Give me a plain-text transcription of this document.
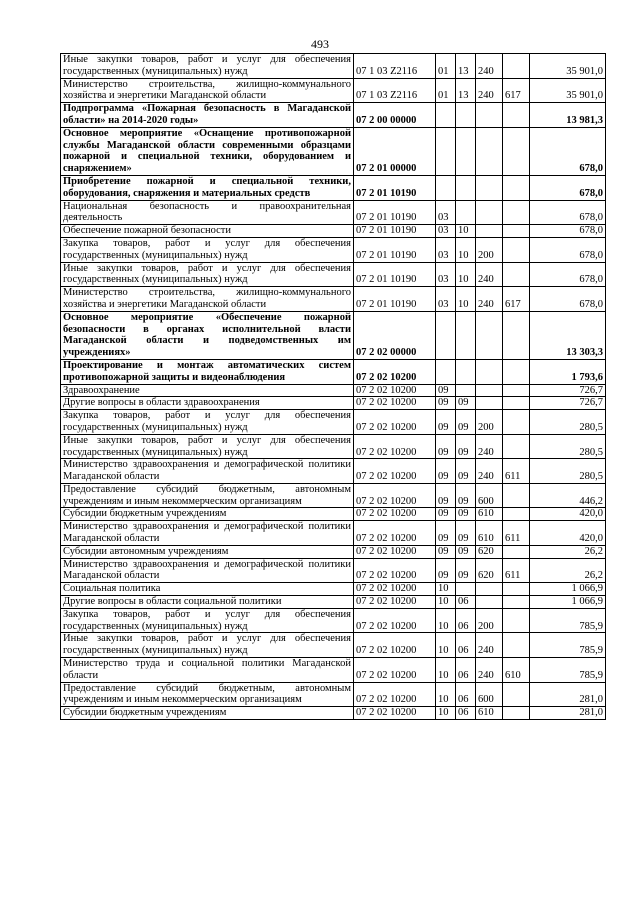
493
Иные закупки товаров, работ и услуг для обеспечения государственных (муниципальных) нужд	07 1 03 Z2116	01	13	240		35 901,0
Министерство строительства, жилищно-коммунального хозяйства и энергетики Магаданской области	07 1 03 Z2116	01	13	240	617	35 901,0
Подпрограмма «Пожарная безопасность в Магаданской области» на 2014-2020 годы»	07 2 00 00000					13 981,3
Основное мероприятие «Оснащение противопожарной службы Магаданской области современными образцами пожарной и специальной техники, оборудованием и снаряжением»	07 2 01 00000					678,0
Приобретение пожарной и специальной техники, оборудования, снаряжения и материальных средств	07 2 01 10190					678,0
Национальная безопасность и правоохранительная деятельность	07 2 01 10190	03				678,0
Обеспечение пожарной безопасности	07 2 01 10190	03	10			678,0
Закупка товаров, работ и услуг для обеспечения государственных (муниципальных) нужд	07 2 01 10190	03	10	200		678,0
Иные закупки товаров, работ и услуг для обеспечения государственных (муниципальных) нужд	07 2 01 10190	03	10	240		678,0
Министерство строительства, жилищно-коммунального хозяйства и энергетики Магаданской области	07 2 01 10190	03	10	240	617	678,0
Основное мероприятие «Обеспечение пожарной безопасности в органах исполнительной власти Магаданской области и подведомственных им учреждениях»	07 2 02 00000					13 303,3
Проектирование и монтаж автоматических систем противопожарной защиты и видеонаблюдения	07 2 02 10200					1 793,6
Здравоохранение	07 2 02 10200	09				726,7
Другие вопросы в области здравоохранения	07 2 02 10200	09	09			726,7
Закупка товаров, работ и услуг для обеспечения государственных (муниципальных) нужд	07 2 02 10200	09	09	200		280,5
Иные закупки товаров, работ и услуг для обеспечения государственных (муниципальных) нужд	07 2 02 10200	09	09	240		280,5
Министерство здравоохранения и демографической политики Магаданской области	07 2 02 10200	09	09	240	611	280,5
Предоставление субсидий бюджетным, автономным учреждениям и иным некоммерческим организациям	07 2 02 10200	09	09	600		446,2
Субсидии бюджетным учреждениям	07 2 02 10200	09	09	610		420,0
Министерство здравоохранения и демографической политики Магаданской области	07 2 02 10200	09	09	610	611	420,0
Субсидии автономным учреждениям	07 2 02 10200	09	09	620		26,2
Министерство здравоохранения и демографической политики Магаданской области	07 2 02 10200	09	09	620	611	26,2
Социальная политика	07 2 02 10200	10				1 066,9
Другие вопросы в области социальной политики	07 2 02 10200	10	06			1 066,9
Закупка товаров, работ и услуг для обеспечения государственных (муниципальных) нужд	07 2 02 10200	10	06	200		785,9
Иные закупки товаров, работ и услуг для обеспечения государственных (муниципальных) нужд	07 2 02 10200	10	06	240		785,9
Министерство труда и социальной политики Магаданской области	07 2 02 10200	10	06	240	610	785,9
Предоставление субсидий бюджетным, автономным учреждениям и иным некоммерческим организациям	07 2 02 10200	10	06	600		281,0
Субсидии бюджетным учреждениям	07 2 02 10200	10	06	610		281,0
